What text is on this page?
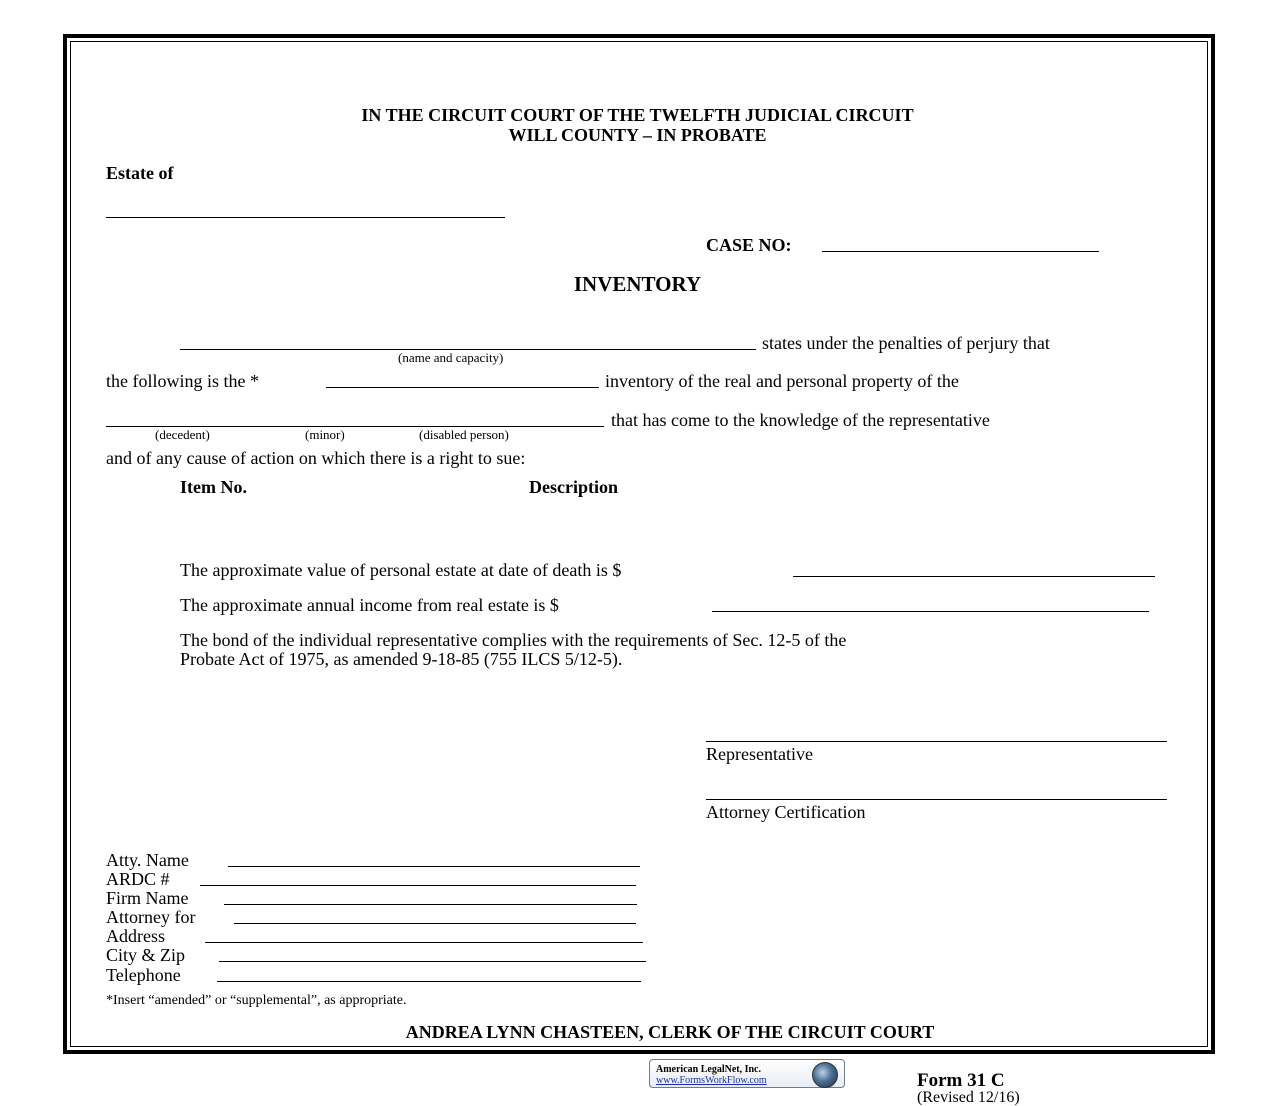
IN THE CIRCUIT COURT OF THE TWELFTH JUDICIAL CIRCUIT
WILL COUNTY – IN PROBATE
Estate of
CASE NO:
INVENTORY
states under the penalties of perjury that
(name and capacity)
the following is the *	inventory of the real and personal property of the
that has come to the knowledge of the representative
(decedent)	(minor)	(disabled person)
and of any cause of action on which there is a right to sue:
Item No.	Description
The approximate value of personal estate at date of death is $
The approximate annual income from real estate is $
The bond of the individual representative complies with the requirements of Sec. 12-5 of the
Probate Act of 1975, as amended 9-18-85 (755 ILCS 5/12-5).
Representative
Attorney Certification
Atty. Name
ARDC #
Firm Name
Attorney for
Address
City & Zip
Telephone
*Insert “amended” or “supplemental”, as appropriate.
ANDREA LYNN CHASTEEN, CLERK OF THE CIRCUIT COURT
American LegalNet, Inc.
www.FormsWorkFlow.com	Form 31 C
(Revised 12/16)
